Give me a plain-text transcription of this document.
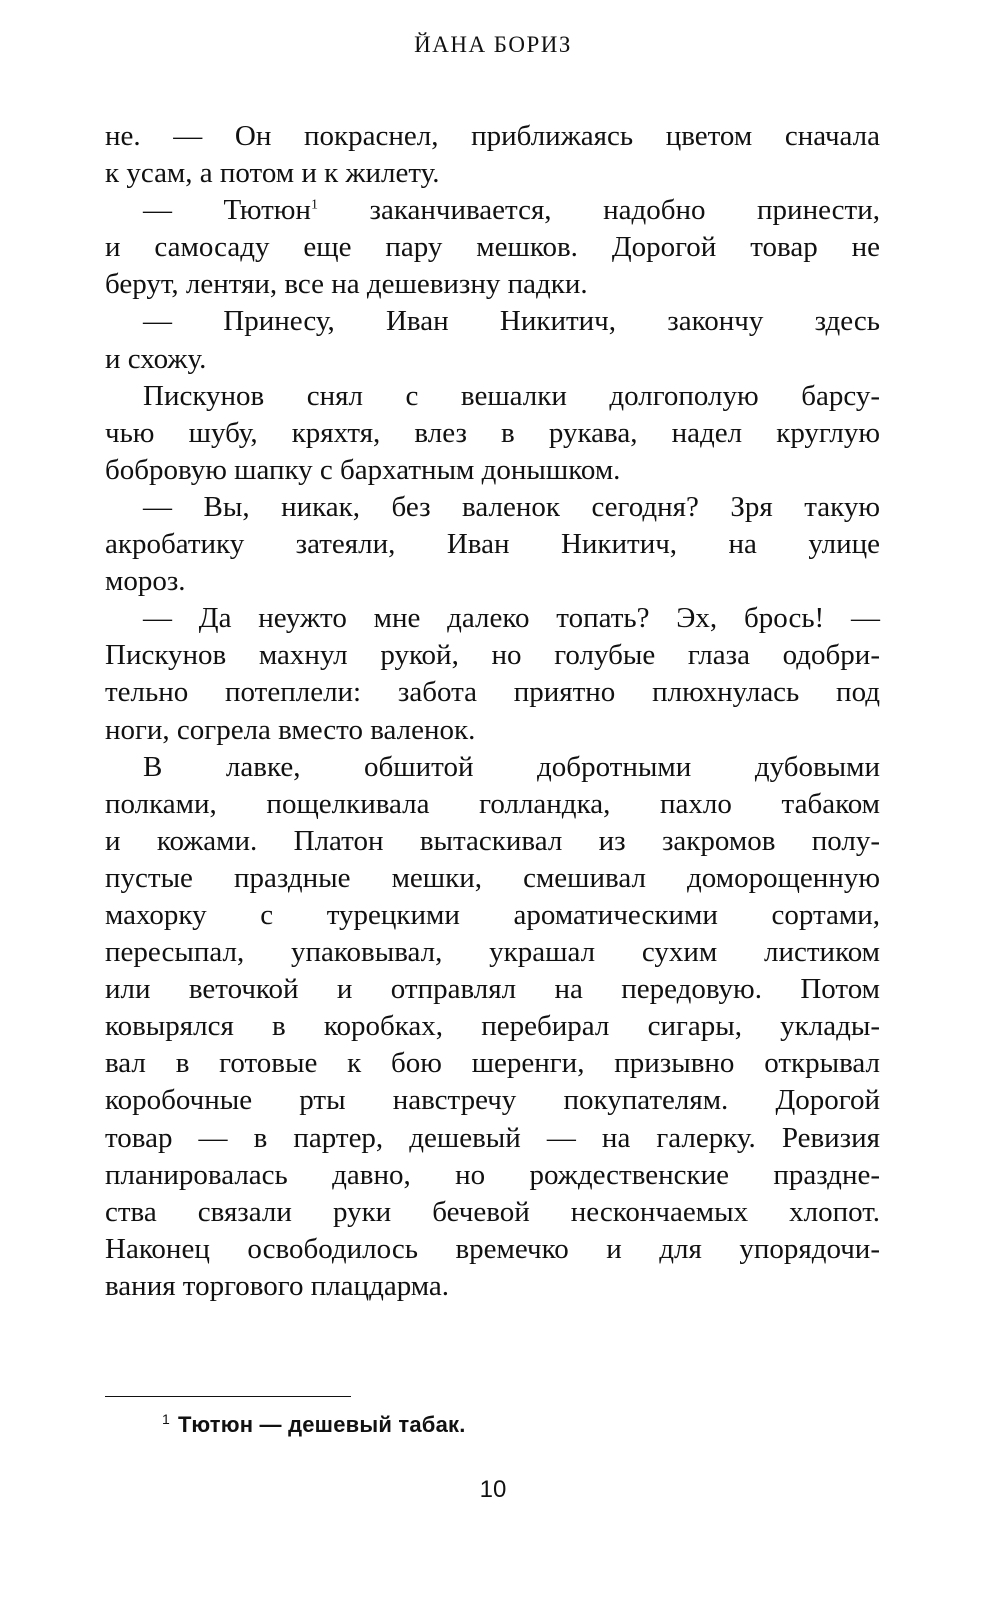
ЙАНА БОРИЗ
не. — Он покраснел, приближаясь цветом сначала
к усам, а потом и к жилету.
— Тютюн$^1$ заканчивается, надобно принести,
и самосаду еще пару мешков. Дорогой товар не
берут, лентяи, все на дешевизну падки.
— Принесу, Иван Никитич, закончу здесь
и схожу.
Пискунов снял с вешалки долгополую барсу-
чью шубу, кряхтя, влез в рукава, надел круглую
бобровую шапку с бархатным донышком.
— Вы, никак, без валенок сегодня? Зря такую
акробатику затеяли, Иван Никитич, на улице
мороз.
— Да неужто мне далеко топать? Эх, брось! —
Пискунов махнул рукой, но голубые глаза одобри-
тельно потеплели: забота приятно плюхнулась под
ноги, согрела вместо валенок.
В лавке, обшитой добротными дубовыми
полками, пощелкивала голландка, пахло табаком
и кожами. Платон вытаскивал из закромов полу-
пустые праздные мешки, смешивал доморощенную
махорку с турецкими ароматическими сортами,
пересыпал, упаковывал, украшал сухим листиком
или веточкой и отправлял на передовую. Потом
ковырялся в коробках, перебирал сигары, уклады-
вал в готовые к бою шеренги, призывно открывал
коробочные рты навстречу покупателям. Дорогой
товар — в партер, дешевый — на галерку. Ревизия
планировалась давно, но рождественские праздне-
ства связали руки бечевой нескончаемых хлопот.
Наконец освободилось времечко и для упорядочи-
вания торгового плацдарма.
$^1$ Тютюн — дешевый табак.
10
